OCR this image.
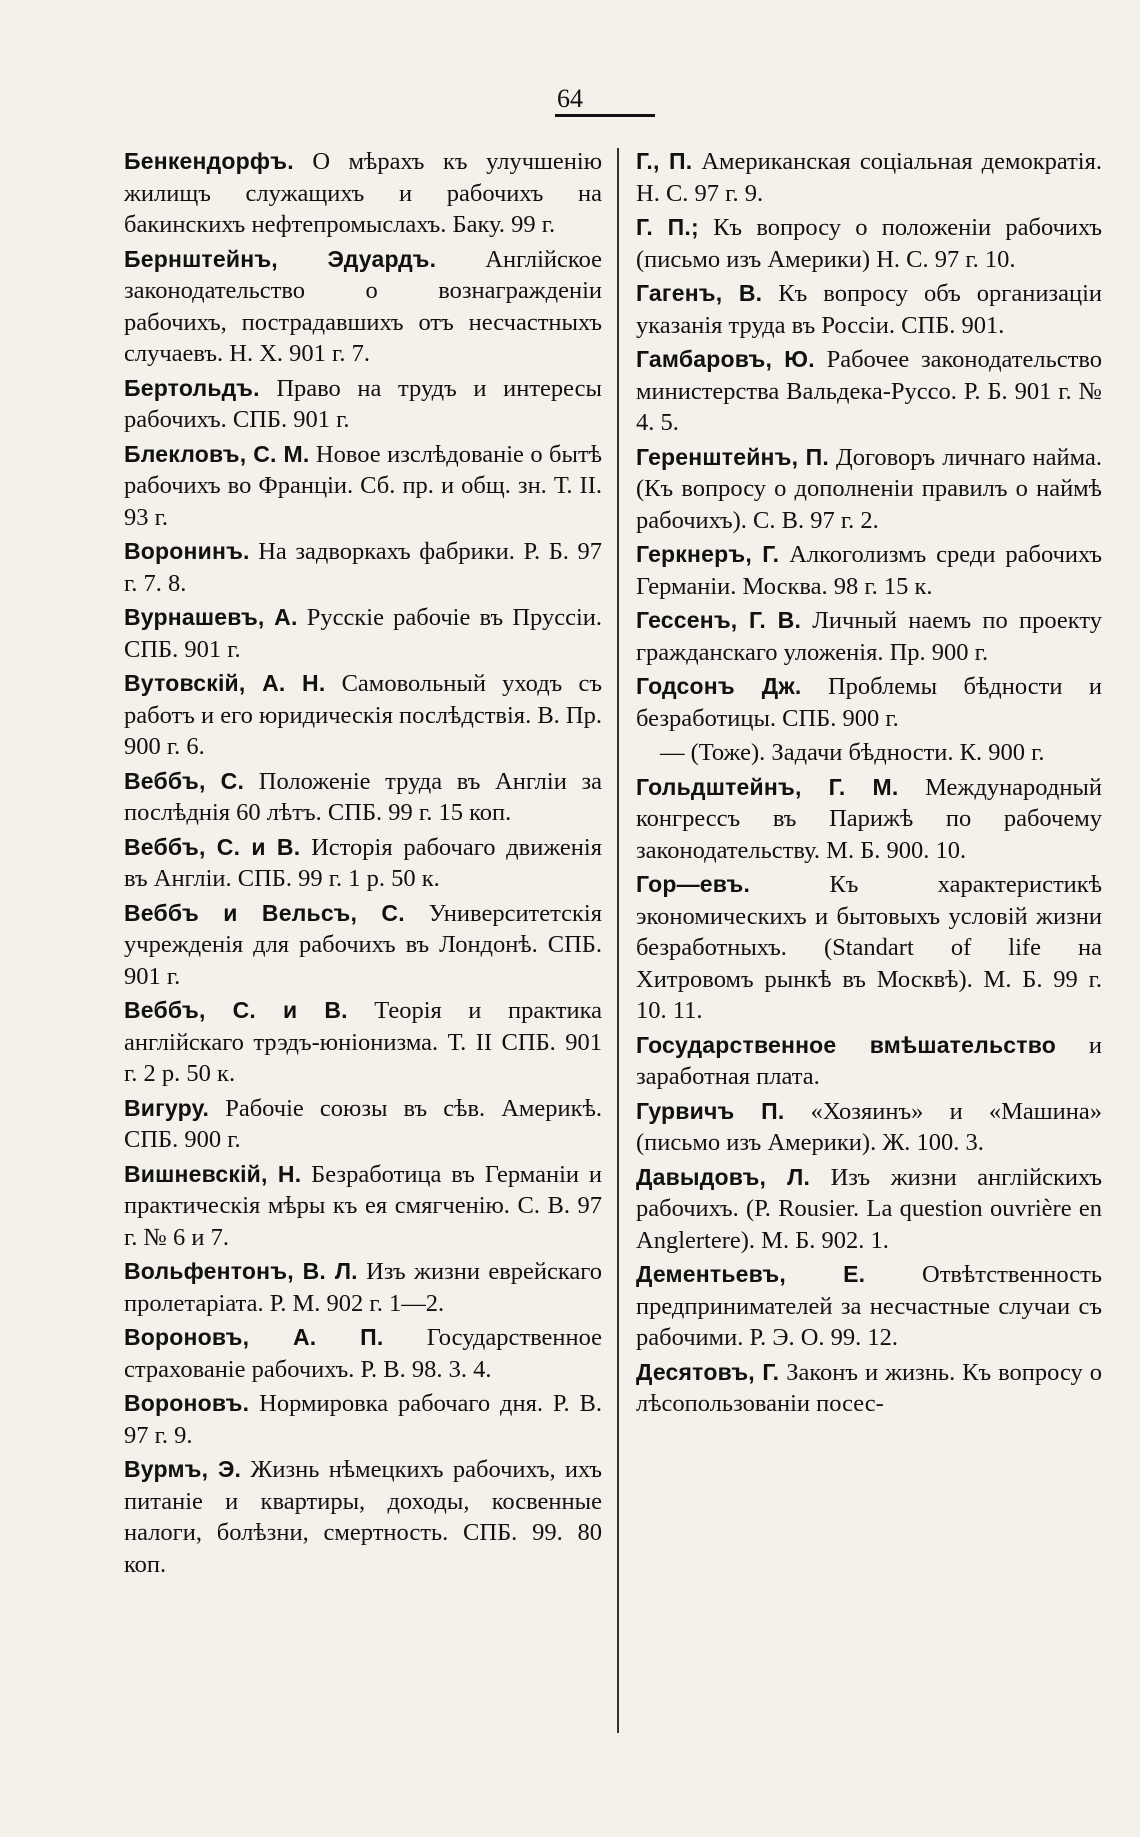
64

Бенкендорфъ. О мѣрахъ къ улучшенію жилищъ служащихъ и рабочихъ на бакинскихъ нефтепромыслахъ. Баку. 99 г.

Бернштейнъ, Эдуардъ. Англійское законодательство о вознагражденіи рабочихъ, пострадавшихъ отъ несчастныхъ случаевъ. Н. Х. 901 г. 7.

Бертольдъ. Право на трудъ и интересы рабочихъ. СПБ. 901 г.

Блекловъ, С. М. Новое изслѣдованіе о бытѣ рабочихъ во Франціи. Сб. пр. и общ. зн. Т. II. 93 г.

Воронинъ. На задворкахъ фабрики. Р. Б. 97 г. 7. 8.

Вурнашевъ, А. Русскіе рабочіе въ Пруссіи. СПБ. 901 г.

Вутовскій, А. Н. Самовольный уходъ съ работъ и его юридическія послѣдствія. В. Пр. 900 г. 6.

Веббъ, С. Положеніе труда въ Англіи за послѣднія 60 лѣтъ. СПБ. 99 г. 15 коп.

Веббъ, С. и В. Исторія рабочаго движенія въ Англіи. СПБ. 99 г. 1 р. 50 к.

Веббъ и Вельсъ, С. Университетскія учрежденія для рабочихъ въ Лондонѣ. СПБ. 901 г.

Веббъ, С. и В. Теорія и практика англійскаго трэдъ-юніонизма. Т. II СПБ. 901 г. 2 р. 50 к.

Вигуру. Рабочіе союзы въ сѣв. Америкѣ. СПБ. 900 г.

Вишневскій, Н. Безработица въ Германіи и практическія мѣры къ ея смягченію. С. В. 97 г. № 6 и 7.

Вольфентонъ, В. Л. Изъ жизни еврейскаго пролетаріата. Р. М. 902 г. 1—2.

Вороновъ, А. П. Государственное страхованіе рабочихъ. Р. В. 98. 3. 4.

Вороновъ. Нормировка рабочаго дня. Р. В. 97 г. 9.

Вурмъ, Э. Жизнь нѣмецкихъ рабочихъ, ихъ питаніе и квартиры, доходы, косвенные налоги, болѣзни, смертность. СПБ. 99. 80 коп.

Г., П. Американская соціальная демократія. Н. С. 97 г. 9.

Г. П.; Къ вопросу о положеніи рабочихъ (письмо изъ Америки) Н. С. 97 г. 10.

Гагенъ, В. Къ вопросу объ организаціи указанія труда въ Россіи. СПБ. 901.

Гамбаровъ, Ю. Рабочее законодательство министерства Вальдека-Руссо. Р. Б. 901 г. № 4. 5.

Геренштейнъ, П. Договоръ личнаго найма. (Къ вопросу о дополненіи правилъ о наймѣ рабочихъ). С. В. 97 г. 2.

Геркнеръ, Г. Алкоголизмъ среди рабочихъ Германіи. Москва. 98 г. 15 к.

Гессенъ, Г. В. Личный наемъ по проекту гражданскаго уложенія. Пр. 900 г.

Годсонъ Дж. Проблемы бѣдности и безработицы. СПБ. 900 г.

— (Тоже). Задачи бѣдности. К. 900 г.

Гольдштейнъ, Г. М. Международный конгрессъ въ Парижѣ по рабочему законодательству. М. Б. 900. 10.

Гор—евъ.	Къ характеристикѣ экономическихъ и бытовыхъ условій жизни безработныхъ. (Standart of life на Хитровомъ рынкѣ въ Москвѣ). М. Б. 99 г. 10. 11.

Государственное вмѣшательство и заработная плата.

Гурвичъ П. «Хозяинъ» и «Машина» (письмо изъ Америки). Ж. 100. 3.

Давыдовъ, Л. Изъ жизни англійскихъ рабочихъ. (Р. Rousier. La question ouvrière en Anglertere). М. Б. 902. 1.

Дементьевъ, Е. Отвѣтственность предпринимателей за несчастные случаи съ рабочими. Р. Э. О. 99. 12.

Десятовъ, Г. Законъ и жизнь. Къ вопросу о лѣсопользованіи посес-
